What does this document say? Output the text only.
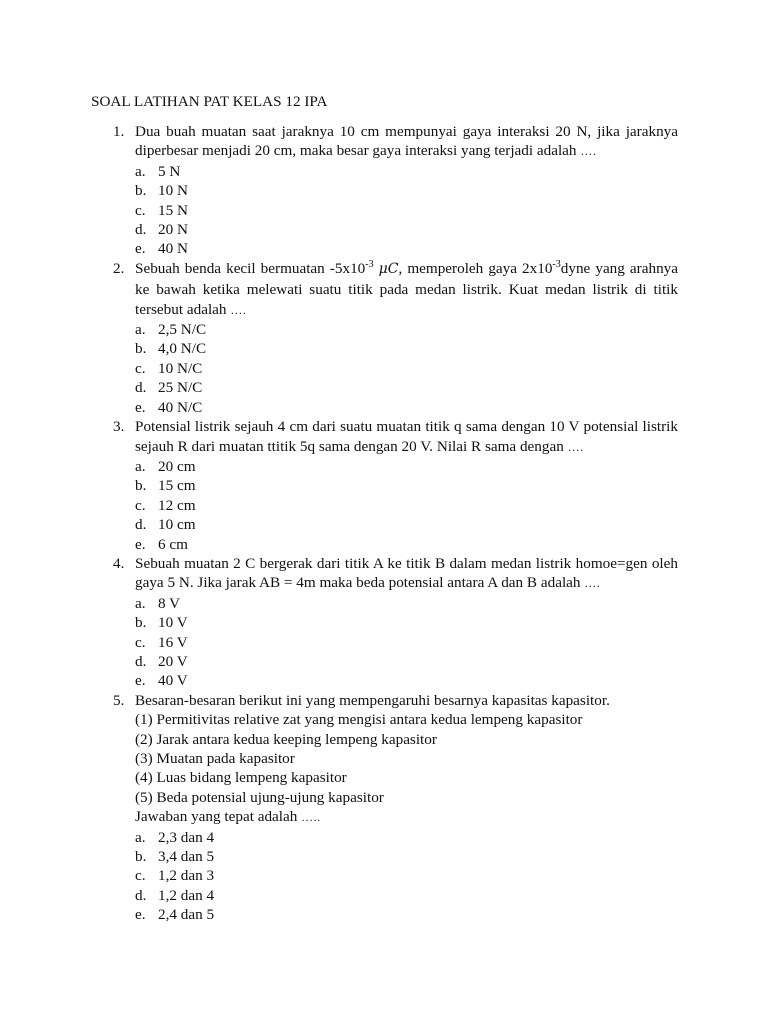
SOAL LATIHAN PAT KELAS 12 IPA
1. Dua buah muatan saat jaraknya 10 cm mempunyai gaya interaksi 20 N, jika jaraknya diperbesar menjadi 20 cm, maka besar gaya interaksi yang terjadi adalah ….
a. 5 N
b. 10 N
c. 15 N
d. 20 N
e. 40 N
2. Sebuah benda kecil bermuatan $-5x10^{-3}$ μC, memperoleh gaya $2x10^{-3}dyne$ yang arahnya ke bawah ketika melewati suatu titik pada medan listrik. Kuat medan listrik di titik tersebut adalah ….
a. 2,5 N/C
b. 4,0 N/C
c. 10 N/C
d. 25 N/C
e. 40 N/C
3. Potensial listrik sejauh 4 cm dari suatu muatan titik q sama dengan 10 V potensial listrik sejauh R dari muatan ttitik 5q sama dengan 20 V. Nilai R sama dengan ….
a. 20 cm
b. 15 cm
c. 12 cm
d. 10 cm
e. 6 cm
4. Sebuah muatan 2 C bergerak dari titik A ke titik B dalam medan listrik homoe=gen oleh gaya 5 N. Jika jarak AB = 4m maka beda potensial antara A dan B adalah ….
a. 8 V
b. 10 V
c. 16 V
d. 20 V
e. 40 V
5. Besaran-besaran berikut ini yang mempengaruhi besarnya kapasitas kapasitor.
(1) Permitivitas relative zat yang mengisi antara kedua lempeng kapasitor
(2) Jarak antara kedua keeping lempeng kapasitor
(3) Muatan pada kapasitor
(4) Luas bidang lempeng kapasitor
(5) Beda potensial ujung-ujung kapasitor
Jawaban yang tepat adalah …..
a. 2,3 dan 4
b. 3,4 dan 5
c. 1,2 dan 3
d. 1,2 dan 4
e. 2,4 dan 5
